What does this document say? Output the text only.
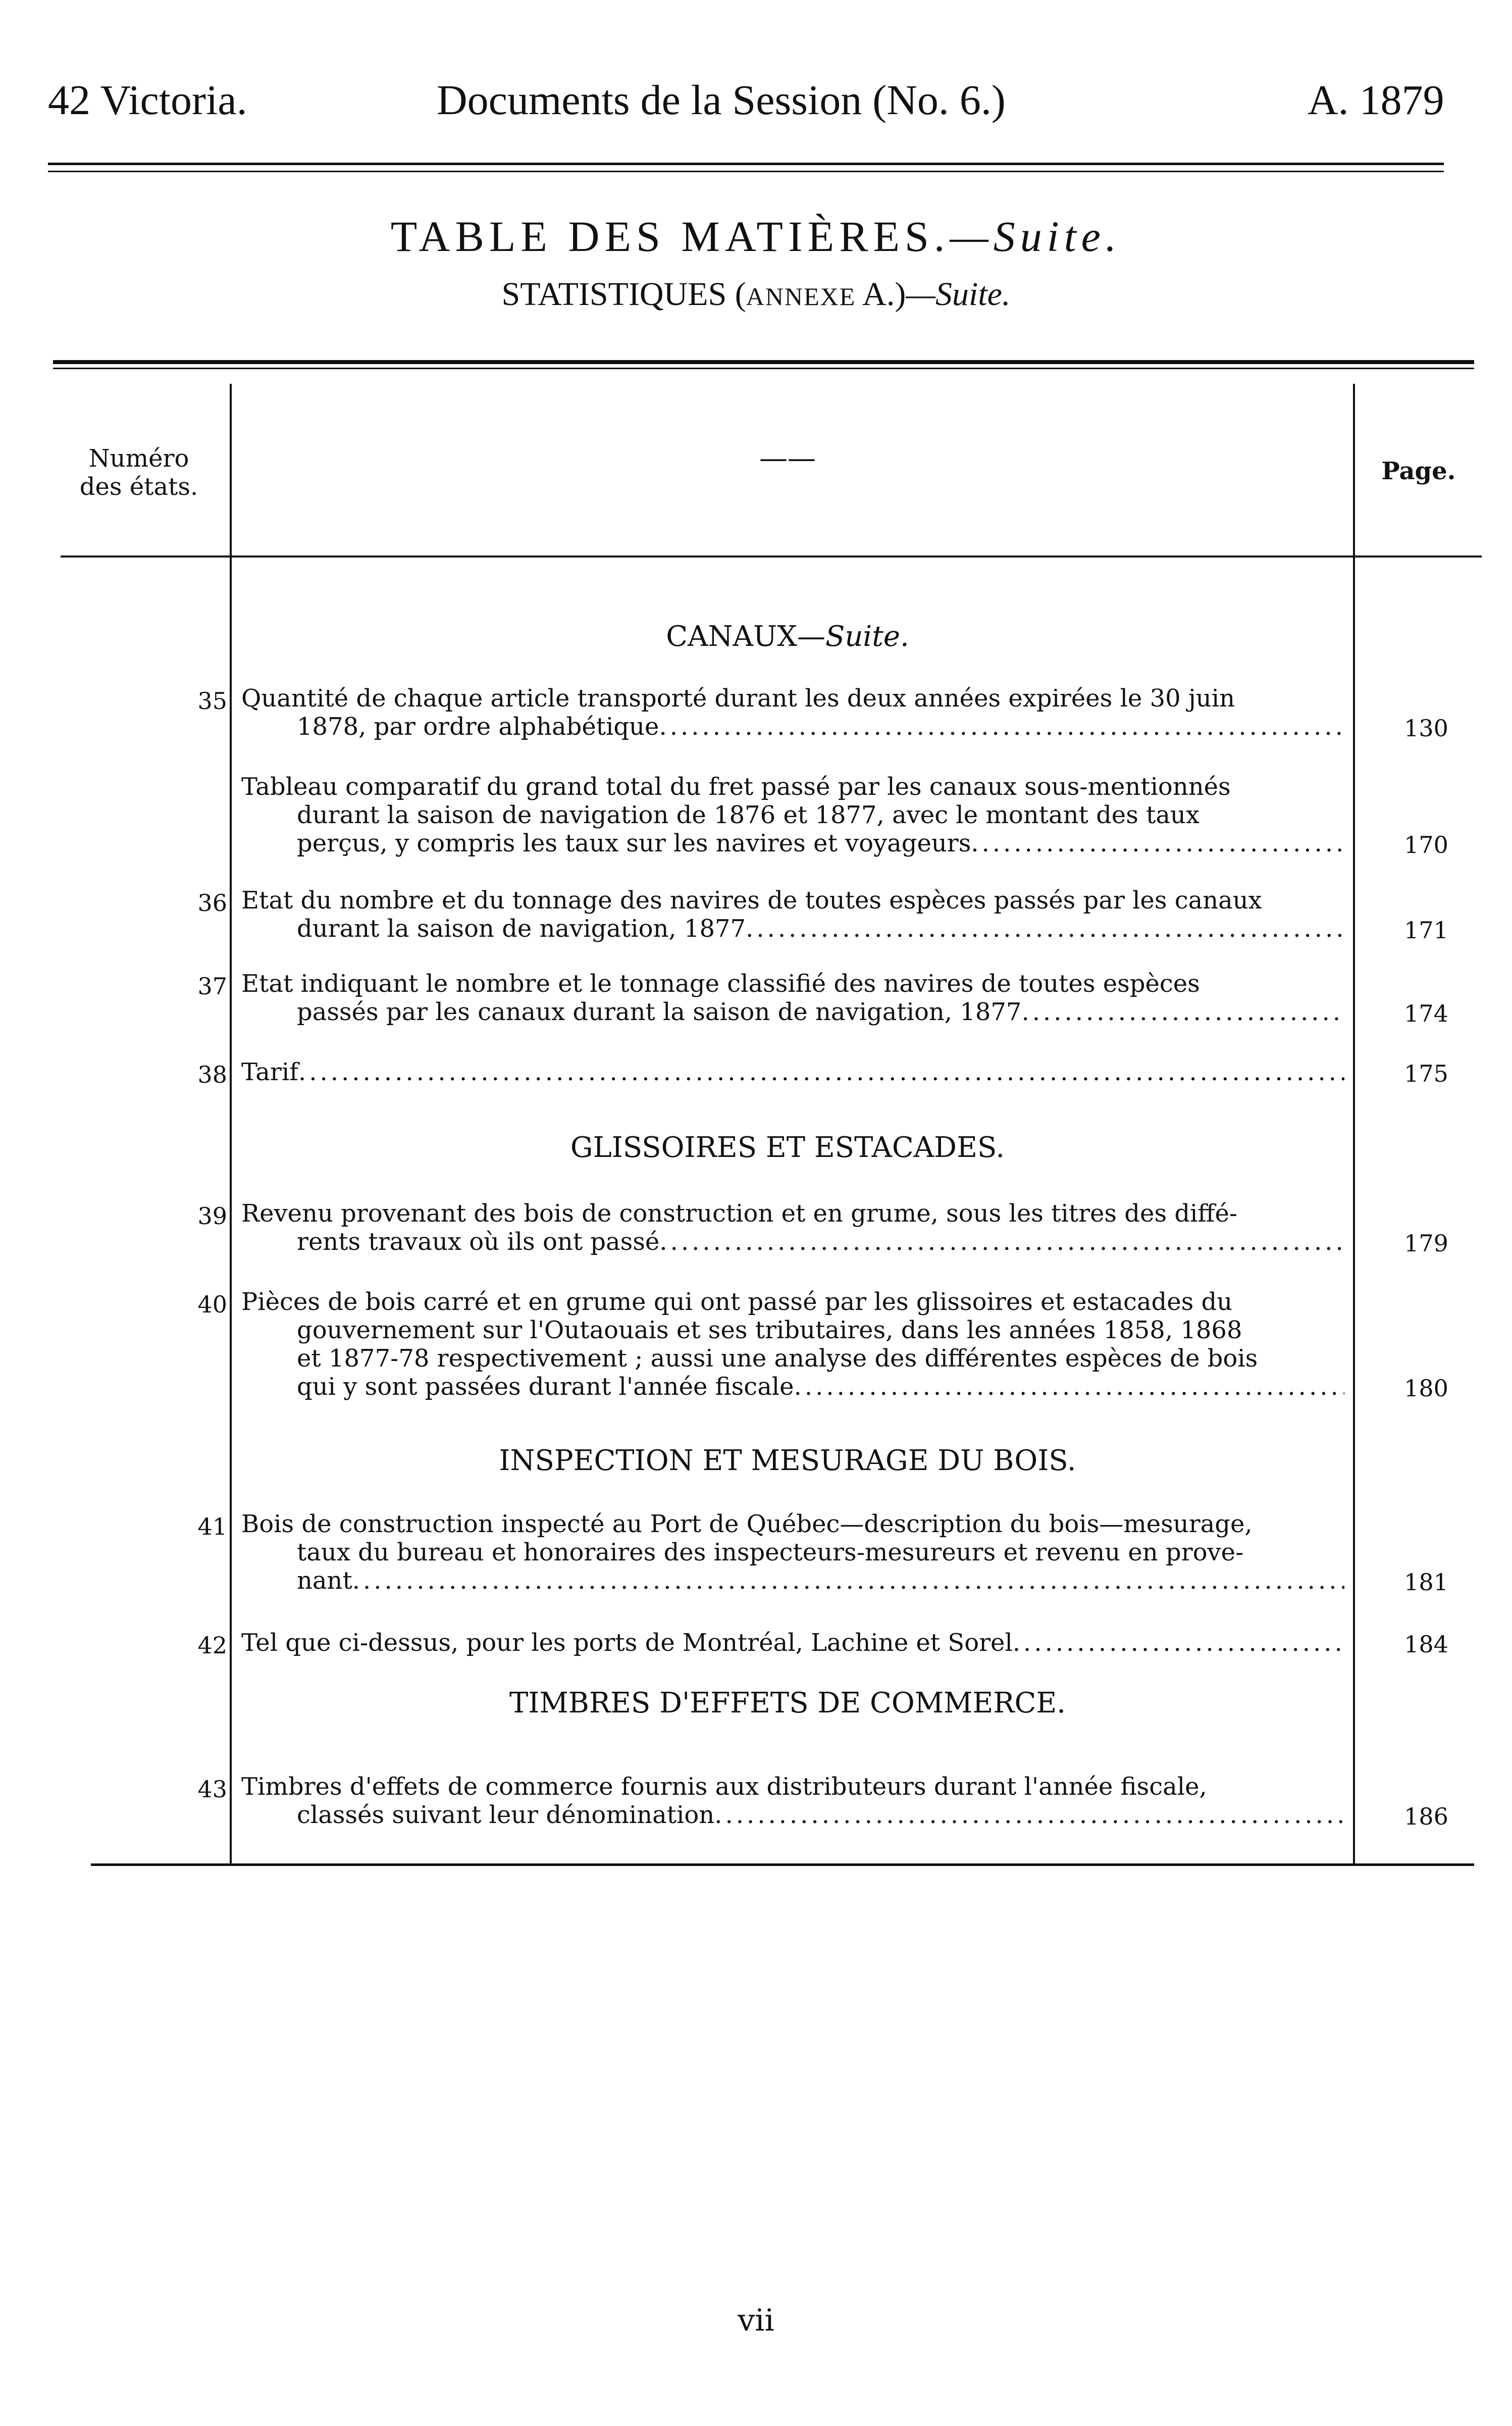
42 Victoria.	Documents de la Session (No. 6.)	A. 1879
TABLE DES MATIÈRES.—Suite.
STATISTIQUES (ANNEXE A.)—Suite.
Numéro
des états.
——	Page.
CANAUX—Suite.
GLISSOIRES ET ESTACADES.
INSPECTION ET MESURAGE DU BOIS.
TIMBRES D'EFFETS DE COMMERCE.
35 Quantité de chaque article transporté durant les deux années expirées le 30 juin
1878, par ordre alphabétique .....	130
Tableau comparatif du grand total du fret passé par les canaux sous-mentionnés
durant la saison de navigation de 1876 et 1877, avec le montant des taux
perçus, y compris les taux sur les navires et voyageurs .....	170
36 Etat du nombre et du tonnage des navires de toutes espèces passés par les canaux
durant la saison de navigation, 1877 .....	171
37 Etat indiquant le nombre et le tonnage classifié des navires de toutes espèces
passés par les canaux durant la saison de navigation, 1877 .....	174
38 Tarif .....	175
39 Revenu provenant des bois de construction et en grume, sous les titres des diffé-
rents travaux où ils ont passé .....	179
40 Pièces de bois carré et en grume qui ont passé par les glissoires et estacades du
gouvernement sur l'Outaouais et ses tributaires, dans les années 1858, 1868
et 1877-78 respectivement ; aussi une analyse des différentes espèces de bois
qui y sont passées durant l'année fiscale .....	180
41 Bois de construction inspecté au Port de Québec—description du bois—mesurage,
taux du bureau et honoraires des inspecteurs-mesureurs et revenu en prove-
nant .....	181
42 Tel que ci-dessus, pour les ports de Montréal, Lachine et Sorel .....	184
43 Timbres d'effets de commerce fournis aux distributeurs durant l'année fiscale,
classés suivant leur dénomination .....	186
vii
